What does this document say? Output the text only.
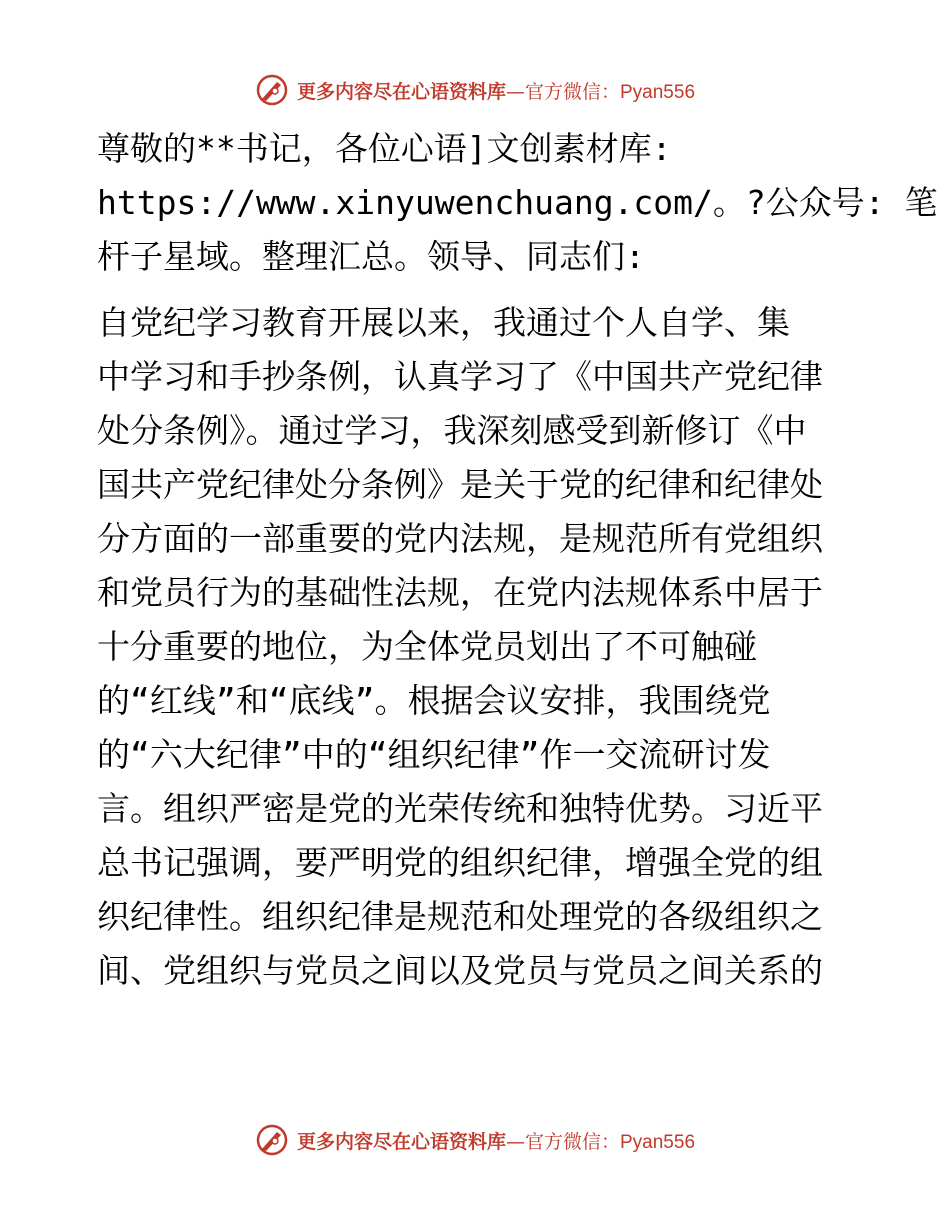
更多内容尽在心语资料库—官方微信：Pyan556
尊敬的**书记，各位心语]文创素材库:
https://www.xinyuwenchuang.com/。?公众号: 笔
杆子星域。整理汇总。领导、同志们:
自党纪学习教育开展以来，我通过个人自学、集
中学习和手抄条例，认真学习了《中国共产党纪律
处分条例》。通过学习，我深刻感受到新修订《中
国共产党纪律处分条例》是关于党的纪律和纪律处
分方面的一部重要的党内法规，是规范所有党组织
和党员行为的基础性法规，在党内法规体系中居于
十分重要的地位，为全体党员划出了不可触碰
的“红线”和“底线”。根据会议安排，我围绕党
的“六大纪律”中的“组织纪律”作一交流研讨发
言。组织严密是党的光荣传统和独特优势。习近平
总书记强调，要严明党的组织纪律，增强全党的组
织纪律性。组织纪律是规范和处理党的各级组织之
间、党组织与党员之间以及党员与党员之间关系的
更多内容尽在心语资料库—官方微信：Pyan556
